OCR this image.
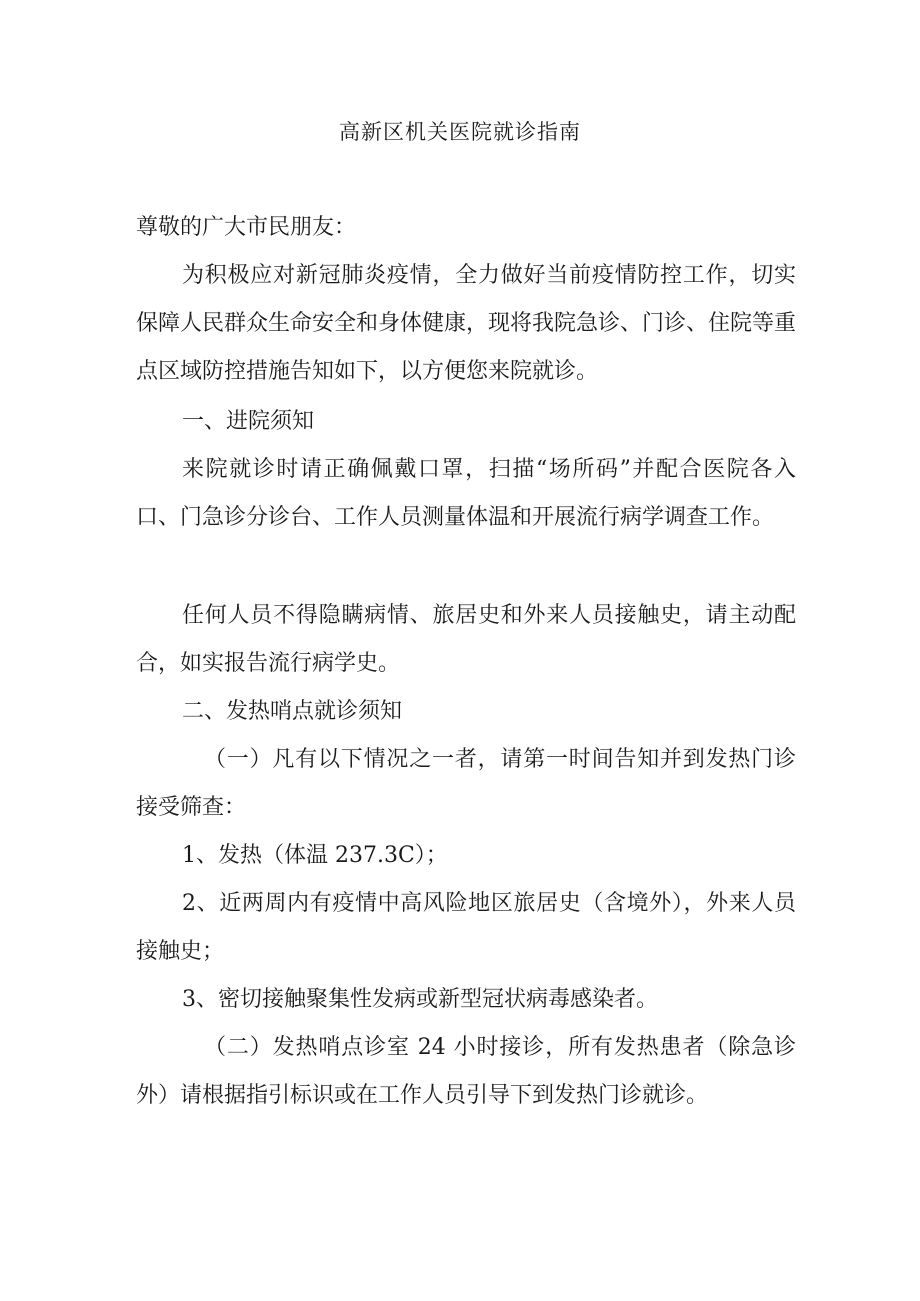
高新区机关医院就诊指南

尊敬的广大市民朋友：

为积极应对新冠肺炎疫情，全力做好当前疫情防控工作，切实保障人民群众生命安全和身体健康，现将我院急诊、门诊、住院等重点区域防控措施告知如下，以方便您来院就诊。

一、进院须知

来院就诊时请正确佩戴口罩，扫描“场所码”并配合医院各入口、门急诊分诊台、工作人员测量体温和开展流行病学调查工作。

任何人员不得隐瞒病情、旅居史和外来人员接触史，请主动配合，如实报告流行病学史。

二、发热哨点就诊须知

（一）凡有以下情况之一者，请第一时间告知并到发热门诊接受筛查：

1、发热（体温 237.3C）；

2、近两周内有疫情中高风险地区旅居史（含境外），外来人员接触史；

3、密切接触聚集性发病或新型冠状病毒感染者。

（二）发热哨点诊室 24 小时接诊，所有发热患者（除急诊外）请根据指引标识或在工作人员引导下到发热门诊就诊。
